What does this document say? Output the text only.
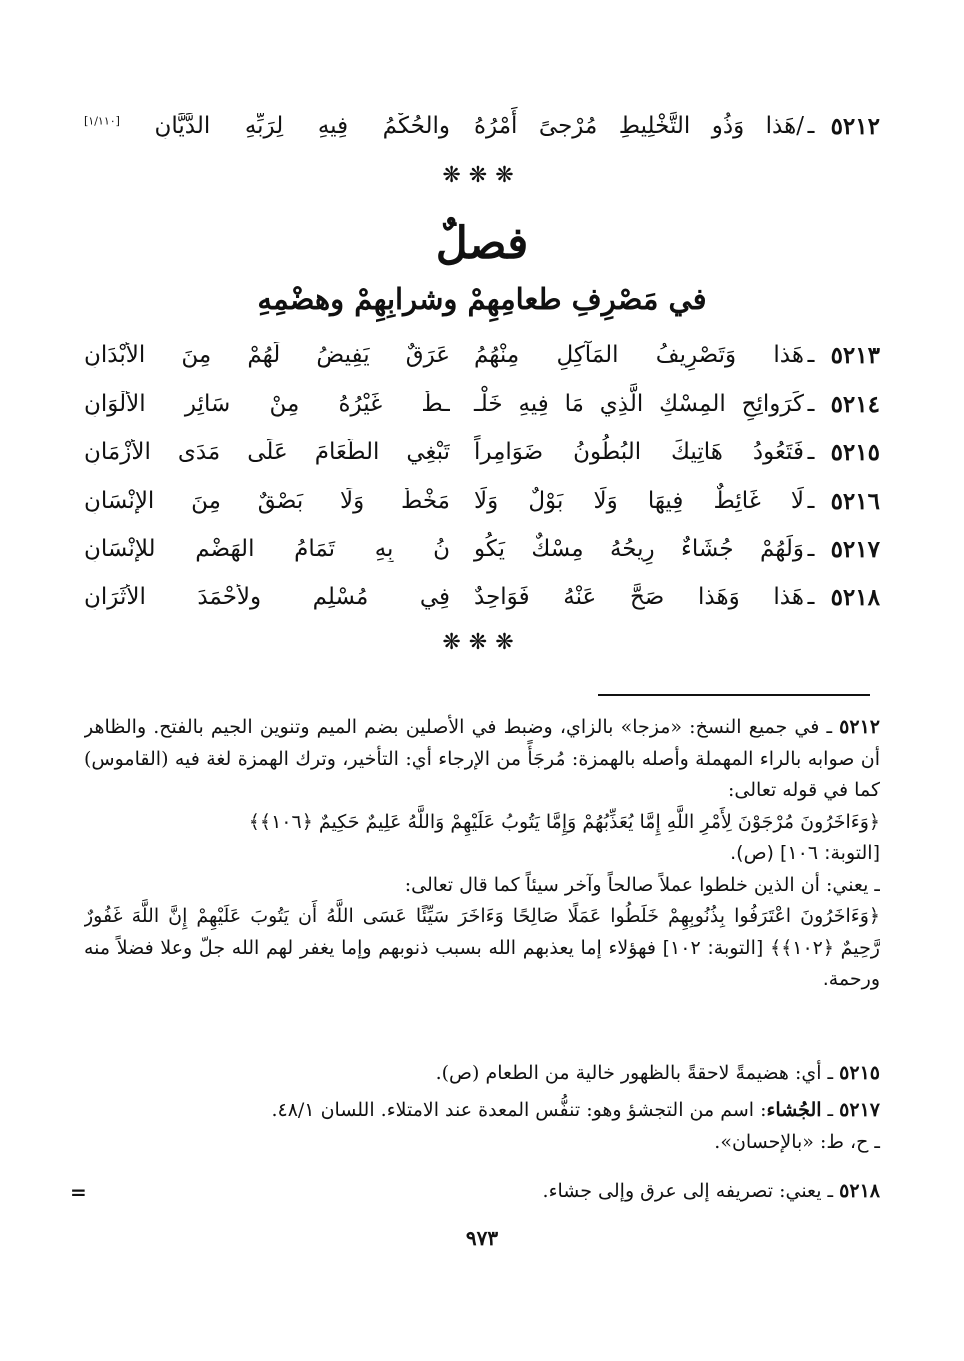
٥٢١٢
ـ
/هَذا وَذُو التَّخْلِيطِ مُرْجىً أَمْرُهُ
والحُكْمُ فِيهِ لِرَبِّهِ الدَّيَّانِ [١/١١٠]
❋❋❋
فصلٌ
في مَصْرِفِ طعامِهِمْ وشرابِهِمْ وهضْمِهِ
٥٢١٣
ـ
هَذا وَتَصْرِيفُ المَآكِلِ مِنْهُمُ
عَرَقٌ يَفِيضُ لَهُمْ مِنَ الأَبْدَانِ
٥٢١٤
ـ
كَرَوائِحِ المِسْكِ الَّذِي مَا فِيهِ خَلْـ
ـطٌ غَيْرُهُ مِنْ سَائِرِ الأَلْوَانِ
٥٢١٥
ـ
فَتَعُودُ هَاتِيكَ البُطُونُ ضَوَامِراً
تَبْغِي الطَّعَامَ عَلَى مَدَى الأَزْمَانِ
٥٢١٦
ـ
لَا غَائِطٌ فِيهَا وَلَا بَوْلٌ وَلَا
مَخْطٌ وَلَا بَصْقٌ مِنَ الإِنْسَانِ
٥٢١٧
ـ
وَلَهُمْ جُشَاءٌ رِيحُهُ مِسْكٌ يَكُو
نُ بِهِ تَمَامُ الهَضْمِ للإِنْسَانِ
٥٢١٨
ـ
هَذا وَهَذا صَحَّ عَنْهُ فَوَاحِدٌ
فِي مُسْلِمٍ ولأَحْمَدَ الأَثَرَانِ
❋❋❋

٥٢١٢ ـ في جميع النسخ: «مزجا» بالزاي، وضبط في الأصلين بضم الميم وتنوين الجيم بالفتح. والظاهر أن صوابه بالراء المهملة وأصله بالهمزة: مُرجَأً من الإرجاء أي: التأخير، وترك الهمزة لغة فيه (القاموس) كما في قوله تعالى:

﴿وَءَاخَرُونَ مُرْجَوْنَ لِأَمْرِ اللَّهِ إِمَّا يُعَذِّبُهُمْ وَإِمَّا يَتُوبُ عَلَيْهِمْ وَاللَّهُ عَلِيمٌ حَكِيمٌ ﴿١٠٦﴾﴾

[التوبة: ١٠٦] (ص).

ـ يعني: أن الذين خلطوا عملاً صالحاً وآخر سيئاً كما قال تعالى:

﴿وَءَاخَرُونَ اعْتَرَفُوا بِذُنُوبِهِمْ خَلَطُوا عَمَلًا صَالِحًا وَءَاخَرَ سَيِّئًا عَسَى اللَّهُ أَن يَتُوبَ عَلَيْهِمْ إِنَّ اللَّهَ غَفُورٌ رَّحِيمٌ ﴿١٠٢﴾﴾ [التوبة: ١٠٢] فهؤلاء إما يعذبهم الله بسبب ذنوبهم وإما يغفر لهم الله جلّ وعلا فضلاً منه ورحمة.

٥٢١٥ ـ أي: هضيمةً لاحقةً بالظهور خالية من الطعام (ص).

٥٢١٧ ـ الجُشاء: اسم من التجشؤ وهو: تنفُّس المعدة عند الامتلاء. اللسان ٤٨/١.

ـ ح، ط: «بالإحسان».

٥٢١٨ ـ يعني: تصريفه إلى عرق وإلى جشاء.

=
٩٧٣
